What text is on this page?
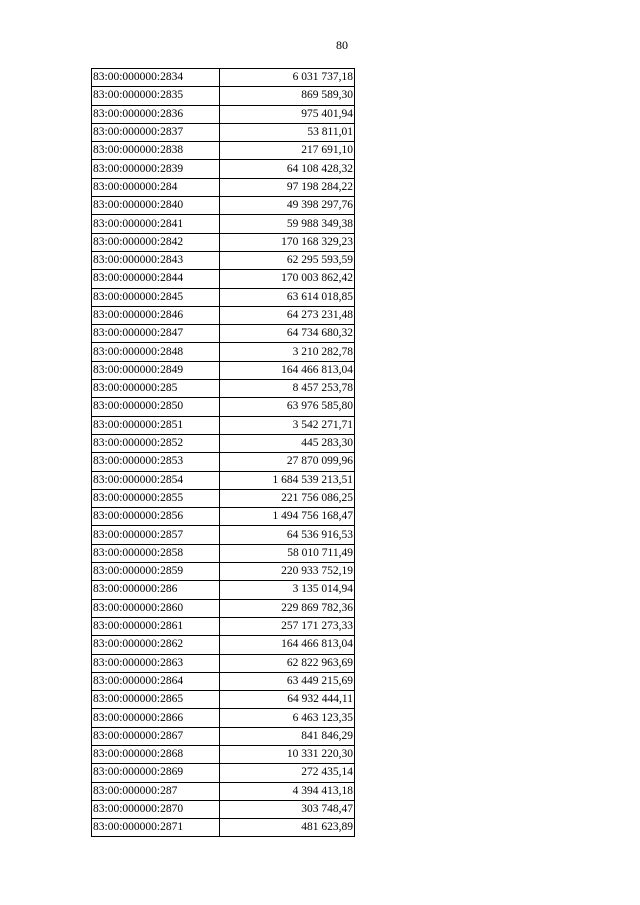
80
83:00:000000:2834	6 031 737,18
83:00:000000:2835	869 589,30
83:00:000000:2836	975 401,94
83:00:000000:2837	53 811,01
83:00:000000:2838	217 691,10
83:00:000000:2839	64 108 428,32
83:00:000000:284	97 198 284,22
83:00:000000:2840	49 398 297,76
83:00:000000:2841	59 988 349,38
83:00:000000:2842	170 168 329,23
83:00:000000:2843	62 295 593,59
83:00:000000:2844	170 003 862,42
83:00:000000:2845	63 614 018,85
83:00:000000:2846	64 273 231,48
83:00:000000:2847	64 734 680,32
83:00:000000:2848	3 210 282,78
83:00:000000:2849	164 466 813,04
83:00:000000:285	8 457 253,78
83:00:000000:2850	63 976 585,80
83:00:000000:2851	3 542 271,71
83:00:000000:2852	445 283,30
83:00:000000:2853	27 870 099,96
83:00:000000:2854	1 684 539 213,51
83:00:000000:2855	221 756 086,25
83:00:000000:2856	1 494 756 168,47
83:00:000000:2857	64 536 916,53
83:00:000000:2858	58 010 711,49
83:00:000000:2859	220 933 752,19
83:00:000000:286	3 135 014,94
83:00:000000:2860	229 869 782,36
83:00:000000:2861	257 171 273,33
83:00:000000:2862	164 466 813,04
83:00:000000:2863	62 822 963,69
83:00:000000:2864	63 449 215,69
83:00:000000:2865	64 932 444,11
83:00:000000:2866	6 463 123,35
83:00:000000:2867	841 846,29
83:00:000000:2868	10 331 220,30
83:00:000000:2869	272 435,14
83:00:000000:287	4 394 413,18
83:00:000000:2870	303 748,47
83:00:000000:2871	481 623,89
